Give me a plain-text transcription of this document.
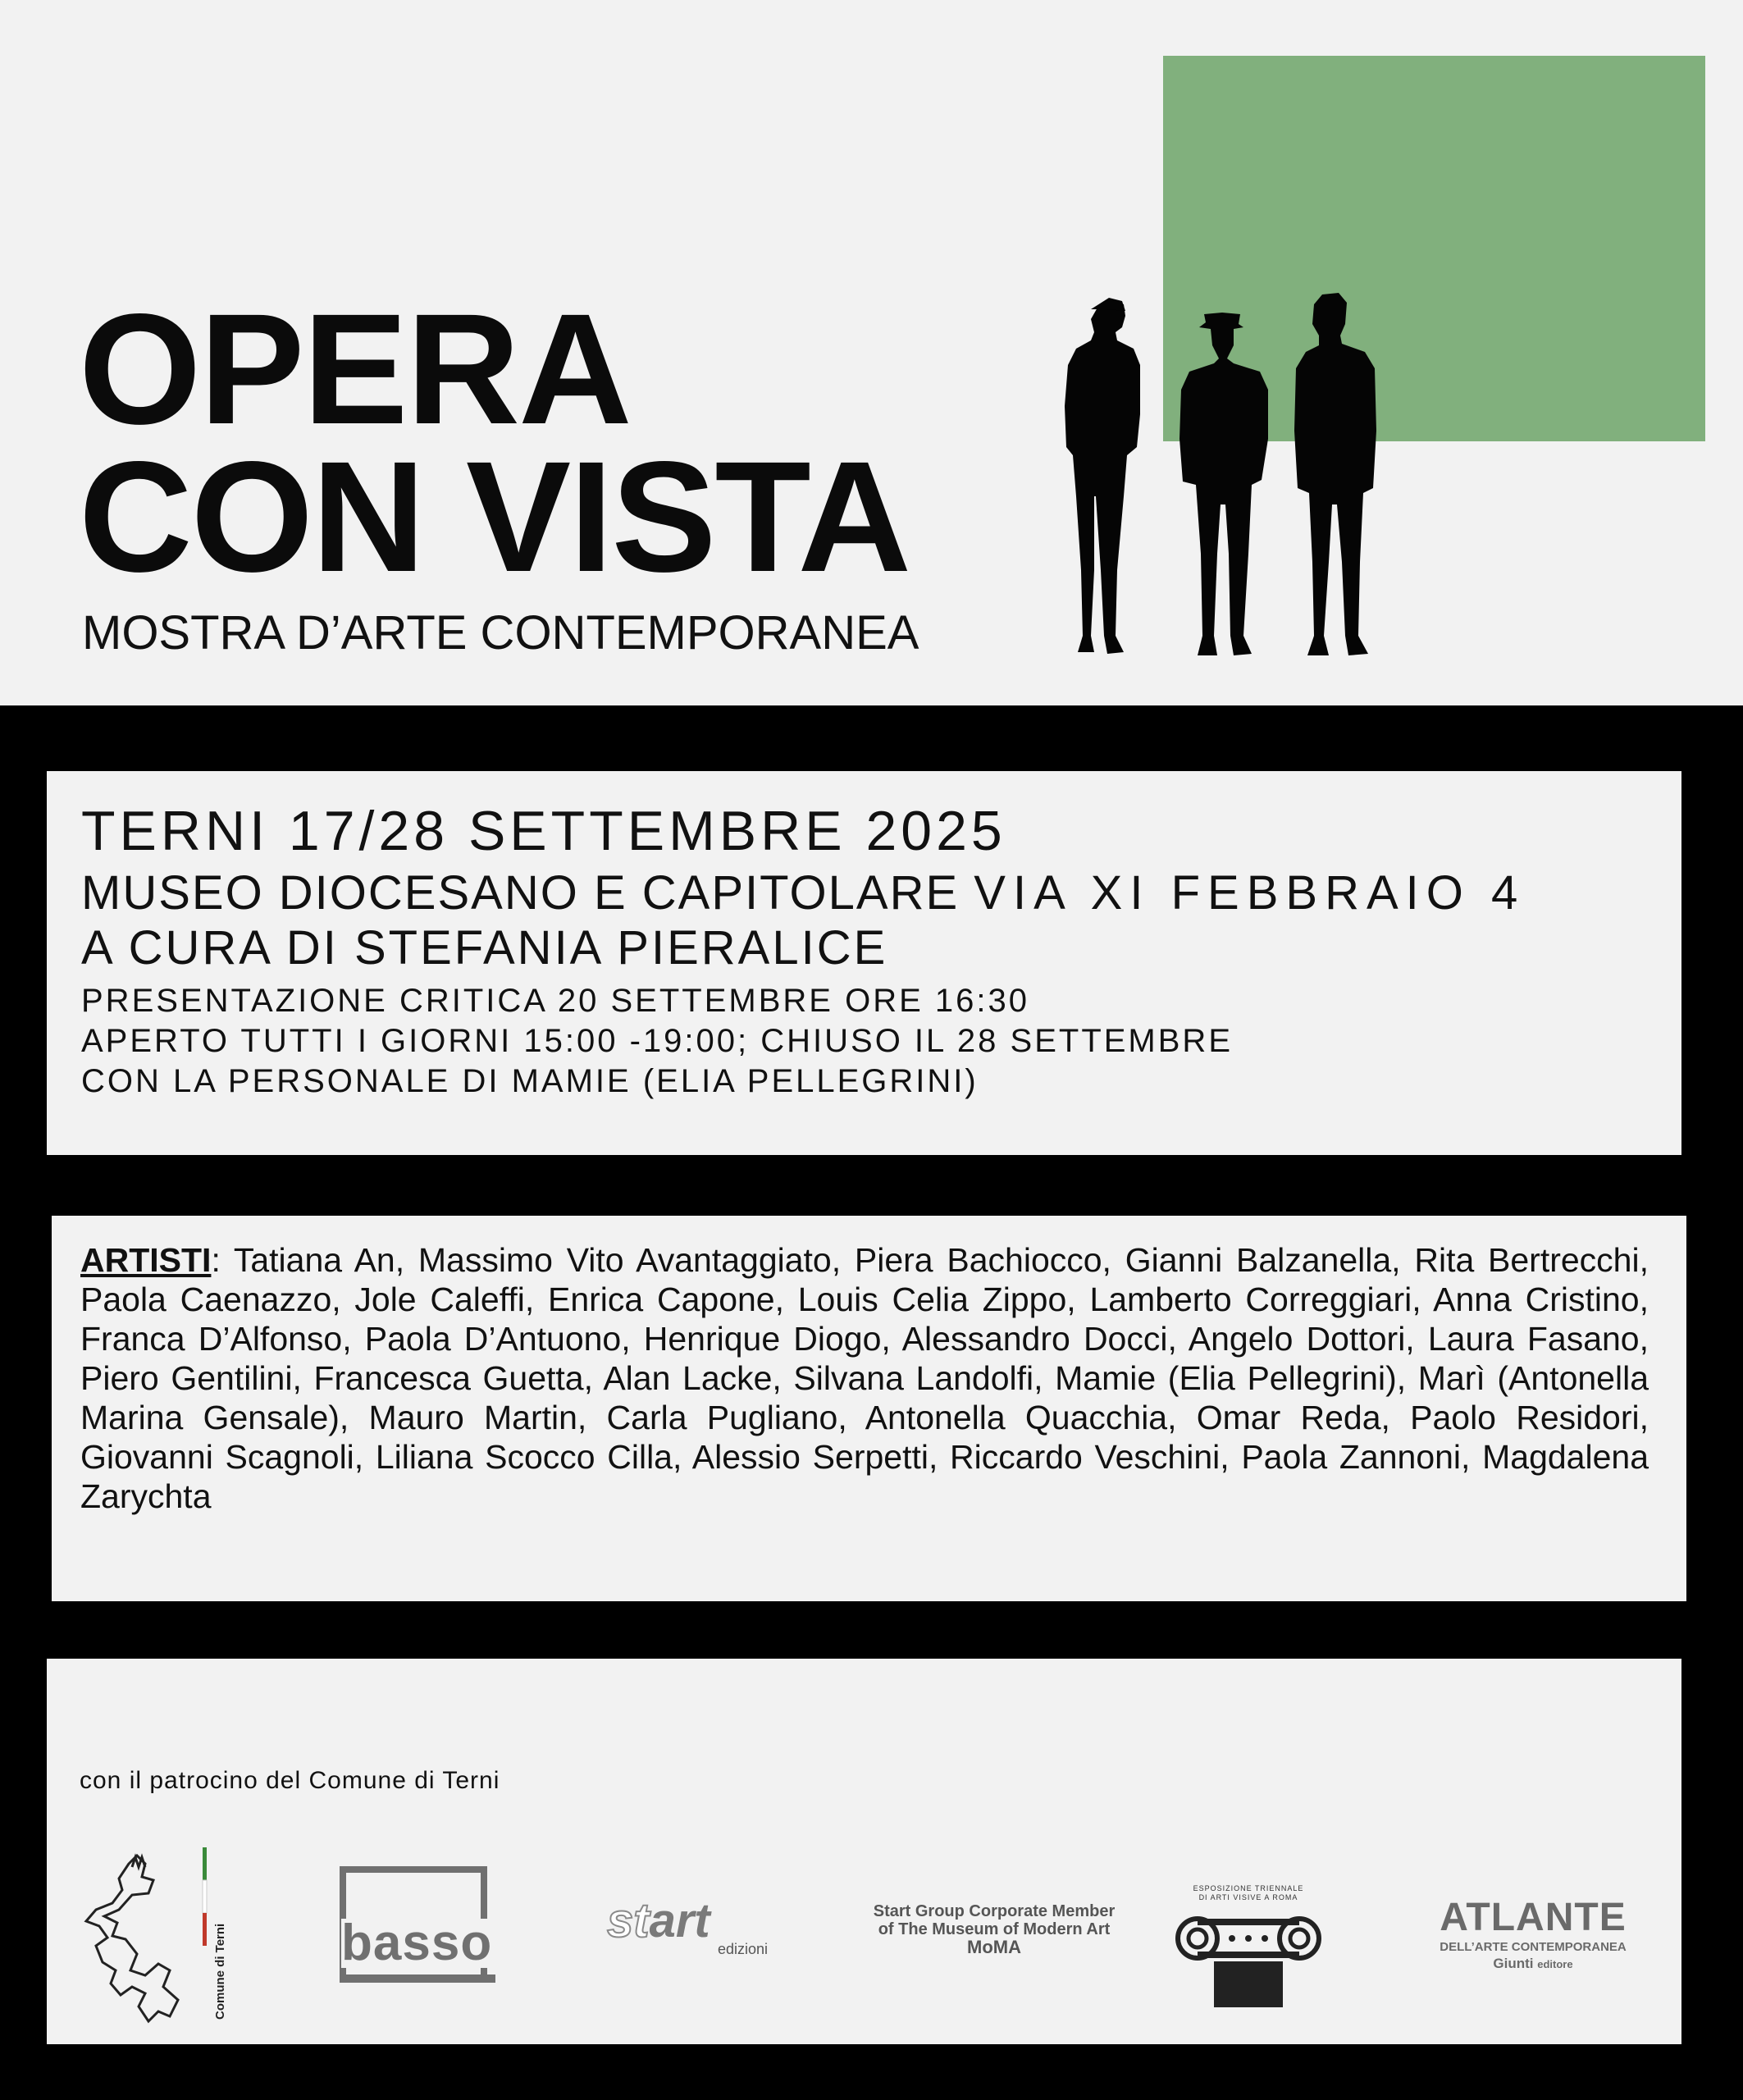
OPERA
CON VISTA
MOSTRA D’ARTE CONTEMPORANEA
TERNI 17/28 SETTEMBRE 2025
MUSEO DIOCESANO E CAPITOLARE VIA XI FEBBRAIO 4
A CURA DI STEFANIA PIERALICE
PRESENTAZIONE CRITICA 20 SETTEMBRE ORE 16:30
APERTO TUTTI I GIORNI 15:00 -19:00; CHIUSO IL 28 SETTEMBRE
CON LA PERSONALE DI MAMIE (ELIA PELLEGRINI)
ARTISTI: Tatiana An, Massimo Vito Avantaggiato, Piera Bachiocco, Gianni Balzanella, Rita Bertrecchi, Paola Caenazzo, Jole Caleffi, Enrica Capone, Louis Celia Zippo, Lamberto Correggiari, Anna Cristino, Franca D’Alfonso, Paola D’Antuono, Henrique Diogo, Alessandro Docci, Angelo Dottori, Laura Fasano, Piero Gentilini, Francesca Guetta, Alan Lacke, Silvana Landolfi, Mamie (Elia Pellegrini), Marì (Antonella Marina Gensale), Mauro Martin, Carla Pugliano, Antonella Quacchia, Omar Reda, Paolo Residori, Giovanni Scagnoli, Liliana Scocco Cilla, Alessio Serpetti, Riccardo Veschini, Paola Zannoni, Magdalena Zarychta
con il patrocino del Comune di Terni
Comune di Terni basso start
edizioni
Start Group Corporate Member
of The Museum of Modern Art
MoMA
ESPOSIZIONE TRIENNALE
DI ARTI VISIVE A ROMA	ATLANTE
DELL’ARTE CONTEMPORANEA
Giunti editore
